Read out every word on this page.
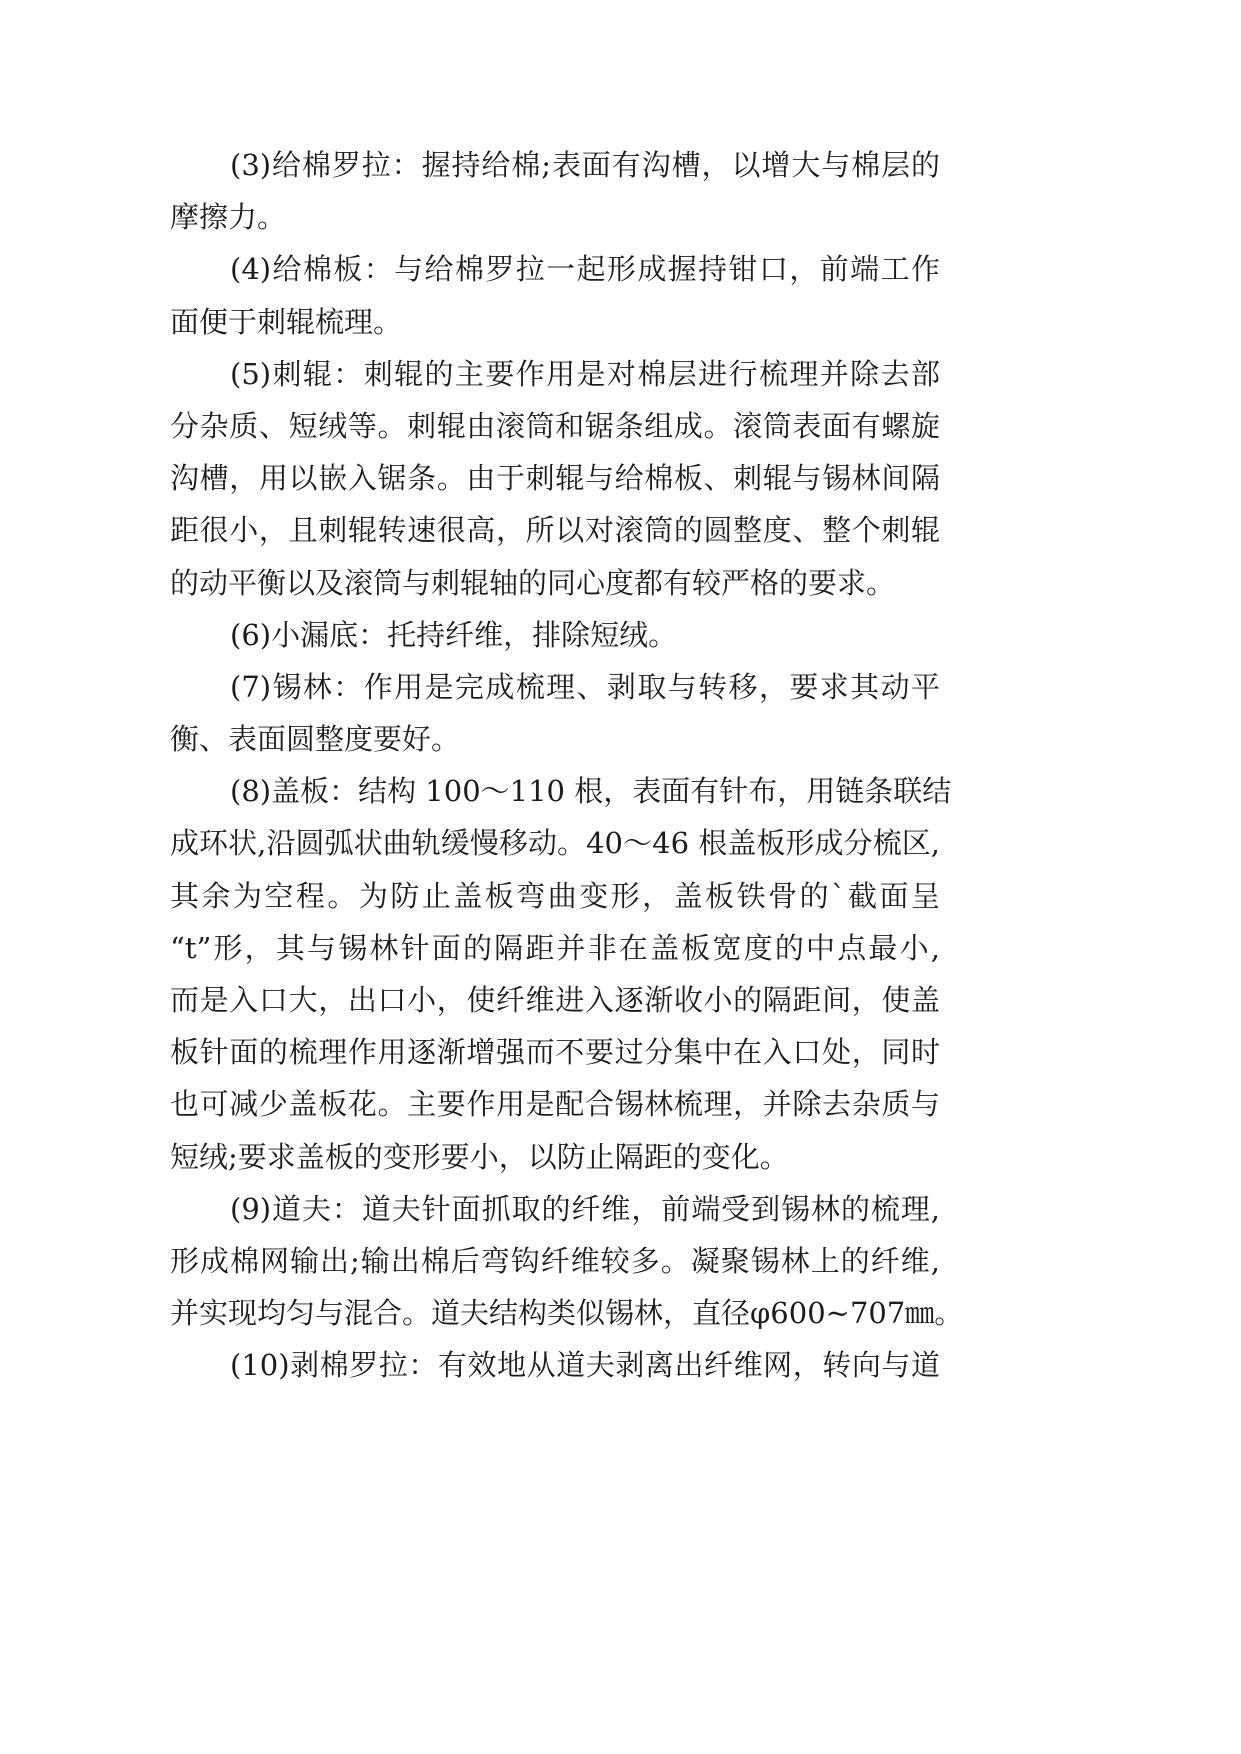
(3)给棉罗拉：握持给棉;表面有沟槽，以增大与棉层的
摩擦力。
(4)给棉板：与给棉罗拉一起形成握持钳口，前端工作
面便于刺辊梳理。
(5)刺辊：刺辊的主要作用是对棉层进行梳理并除去部
分杂质、短绒等。刺辊由滚筒和锯条组成。滚筒表面有螺旋
沟槽，用以嵌入锯条。由于刺辊与给棉板、刺辊与锡林间隔
距很小，且刺辊转速很高，所以对滚筒的圆整度、整个刺辊
的动平衡以及滚筒与刺辊轴的同心度都有较严格的要求。
(6)小漏底：托持纤维，排除短绒。
(7)锡林：作用是完成梳理、剥取与转移，要求其动平
衡、表面圆整度要好。
(8)盖板：结构 100～110 根，表面有针布，用链条联结
成环状,沿圆弧状曲轨缓慢移动。40～46 根盖板形成分梳区,
其余为空程。为防止盖板弯曲变形，盖板铁骨的`截面呈
“t”形，其与锡林针面的隔距并非在盖板宽度的中点最小,
而是入口大，出口小，使纤维进入逐渐收小的隔距间，使盖
板针面的梳理作用逐渐增强而不要过分集中在入口处，同时
也可减少盖板花。主要作用是配合锡林梳理，并除去杂质与
短绒;要求盖板的变形要小，以防止隔距的变化。
(9)道夫：道夫针面抓取的纤维，前端受到锡林的梳理,
形成棉网输出;输出棉后弯钩纤维较多。凝聚锡林上的纤维,
并实现均匀与混合。道夫结构类似锡林，直径φ600~707㎜。
(10)剥棉罗拉：有效地从道夫剥离出纤维网，转向与道
